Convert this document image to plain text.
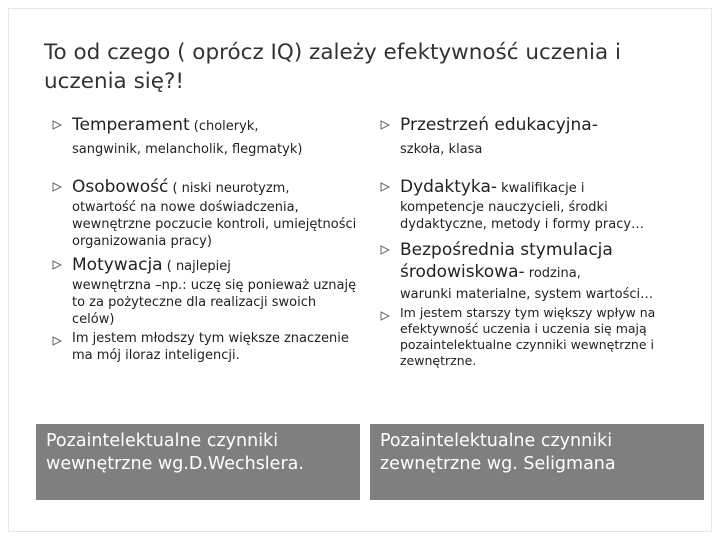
To od czego ( oprócz IQ) zależy efektywność uczenia i uczenia się?!
Temperament (choleryk,
sangwinik, melancholik, flegmatyk)
Osobowość ( niski neurotyzm,
otwartość na nowe doświadczenia, wewnętrzne poczucie kontroli, umiejętności organizowania pracy)
Motywacja ( najlepiej
wewnętrzna –np.: uczę się ponieważ uznaję to za pożyteczne dla realizacji swoich celów)
Im jestem młodszy tym większe znaczenie ma mój iloraz inteligencji.
Przestrzeń edukacyjna-
szkoła, klasa
Dydaktyka- kwalifikacje i
kompetencje nauczycieli, środki dydaktyczne, metody i formy pracy…
Bezpośrednia stymulacja środowiskowa- rodzina,
warunki materialne, system wartości…
Im jestem starszy tym większy wpływ na efektywność uczenia i uczenia się mają pozaintelektualne czynniki wewnętrzne i zewnętrzne.
Pozaintelektualne czynniki wewnętrzne wg.D.Wechslera.
Pozaintelektualne czynniki zewnętrzne wg. Seligmana
